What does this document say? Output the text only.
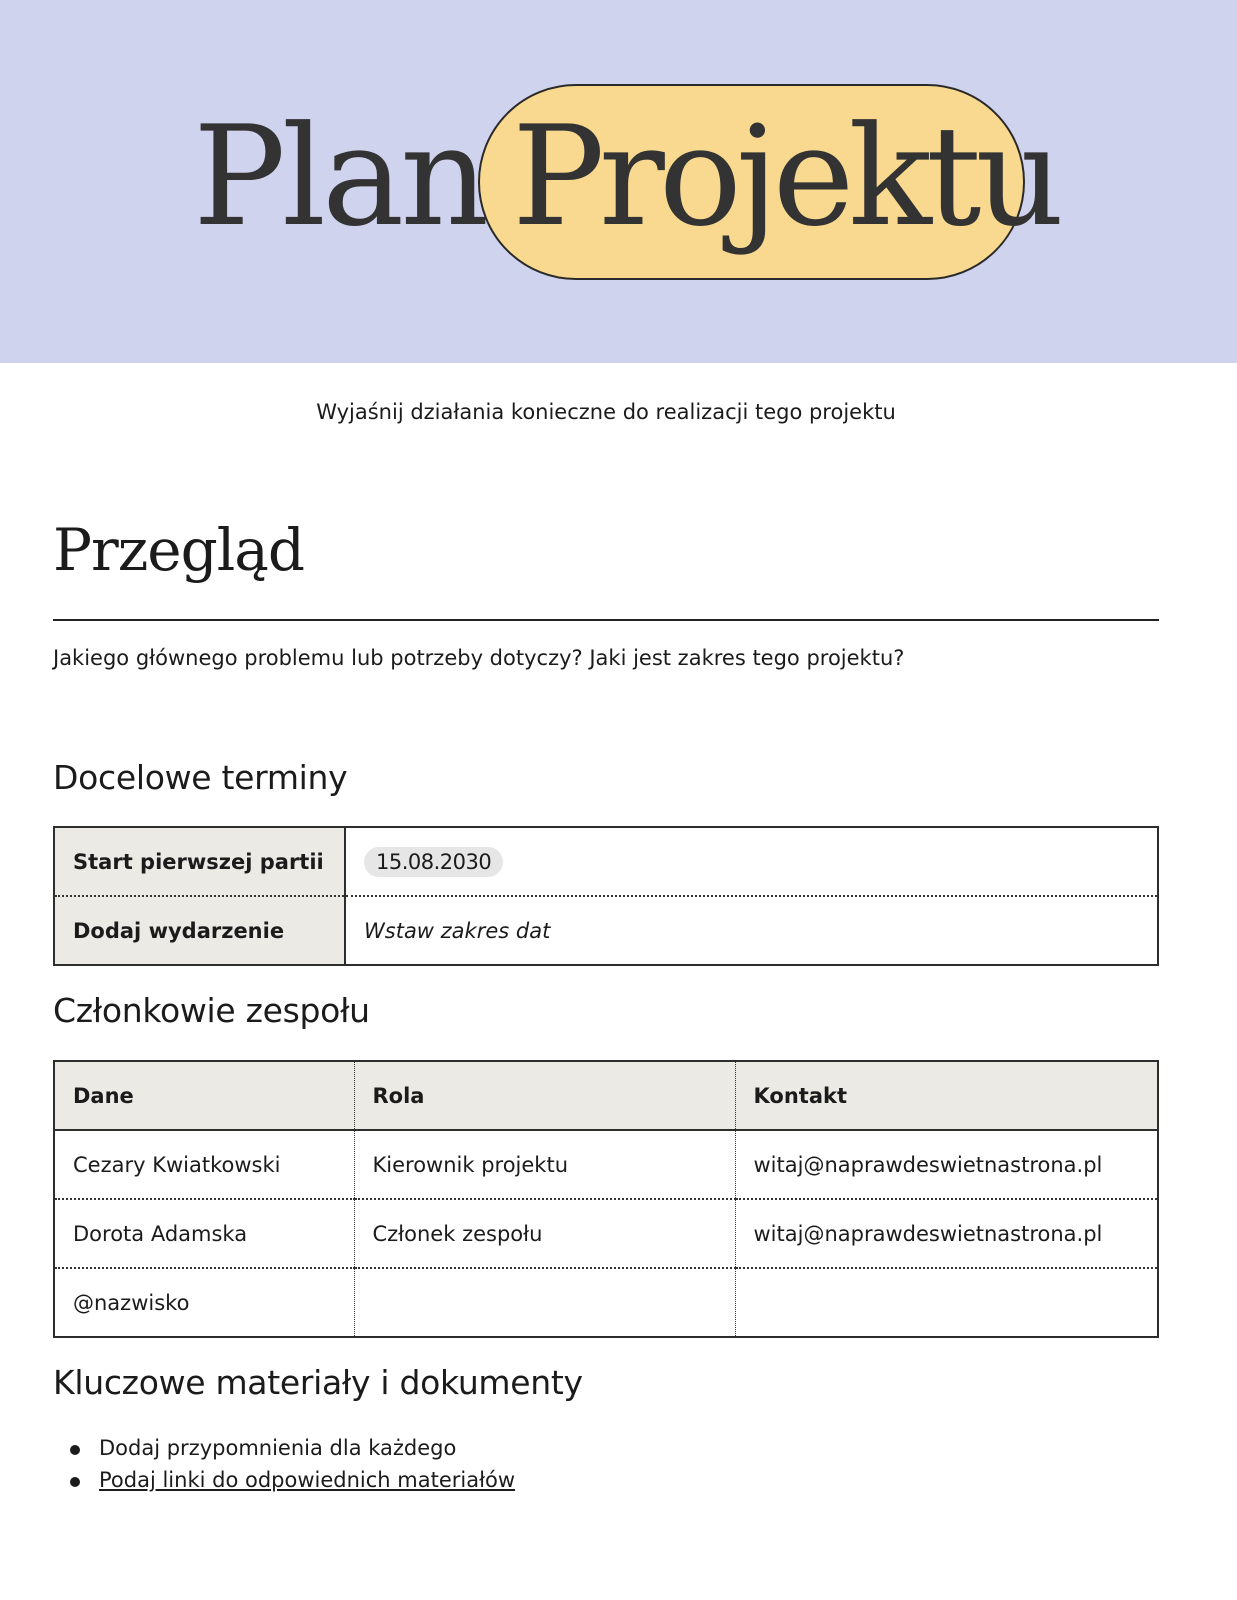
Plan Projektu
Wyjaśnij działania konieczne do realizacji tego projektu
Przegląd
Jakiego głównego problemu lub potrzeby dotyczy? Jaki jest zakres tego projektu?
Docelowe terminy
Start pierwszej partii	15.08.2030
Dodaj wydarzenie	Wstaw zakres dat
Członkowie zespołu
Dane	Rola	Kontakt
Cezary Kwiatkowski	Kierownik projektu	witaj@naprawdeswietnastrona.pl
Dorota Adamska	Członek zespołu	witaj@naprawdeswietnastrona.pl
@nazwisko		
Kluczowe materiały i dokumenty
Dodaj przypomnienia dla każdego
Podaj linki do odpowiednich materiałów
